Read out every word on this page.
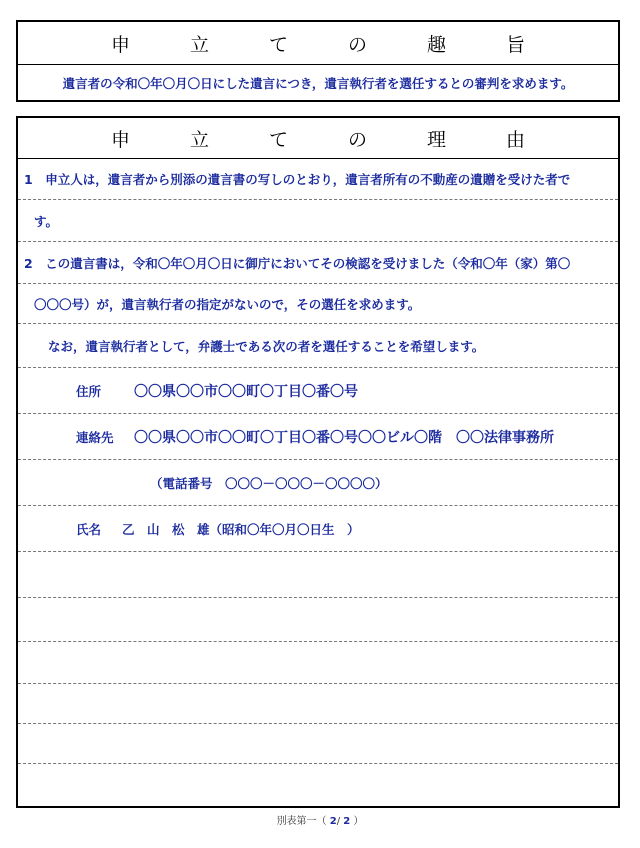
申	立	て	の	趣	旨
遺言者の令和〇年〇月〇日にした遺言につき，遺言執行者を選任するとの審判を求めます。
申	立	て	の	理	由
1　申立人は，遺言者から別添の遺言書の写しのとおり，遺言者所有の不動産の遺贈を受けた者で
す。
2　この遺言書は，令和〇年〇月〇日に御庁においてその検認を受けました（令和〇年（家）第〇
〇〇〇号）が，遺言執行者の指定がないので，その選任を求めます。
なお，遺言執行者として，弁護士である次の者を選任することを希望します。
住所 〇〇県〇〇市〇〇町〇丁目〇番〇号
連絡先 〇〇県〇〇市〇〇町〇丁目〇番〇号〇〇ビル〇階　〇〇法律事務所
（電話番号　〇〇〇－〇〇〇－〇〇〇〇）
氏名 乙　山　松　雄（昭和〇年〇月〇日生　）
別表第一（ 2/ 2 ）
